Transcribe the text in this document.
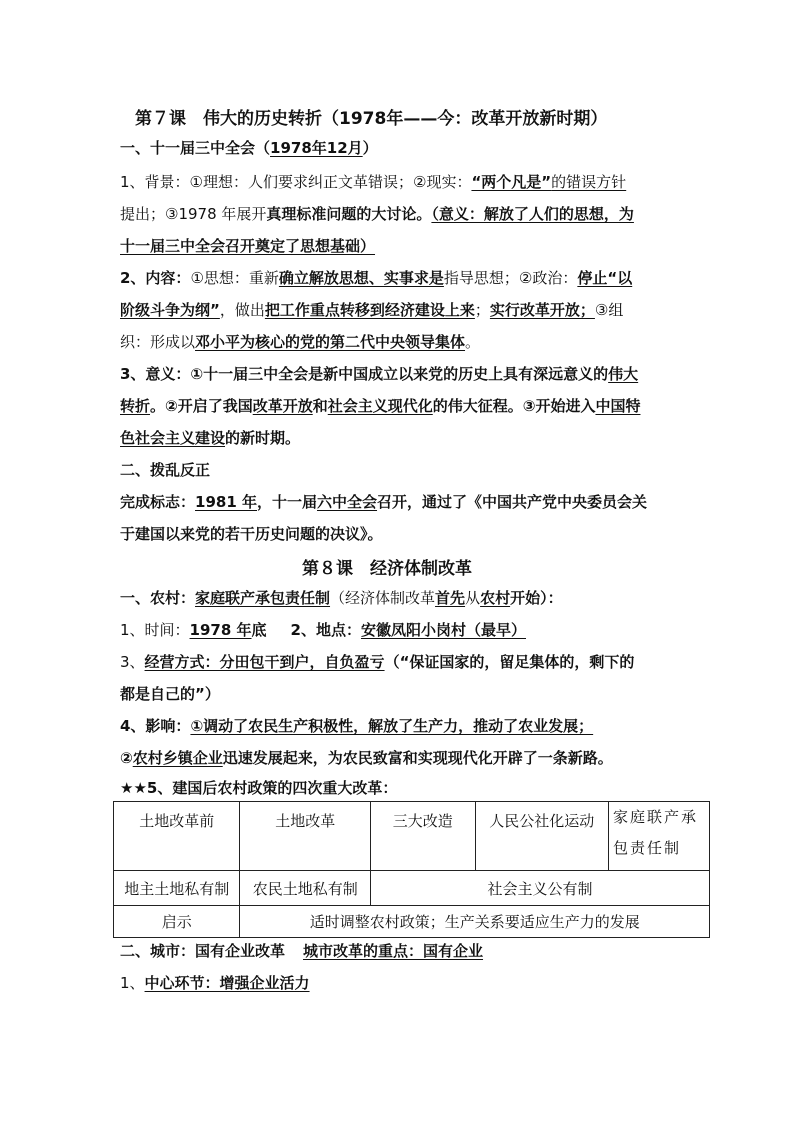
第７课　伟大的历史转折（1978年——今：改革开放新时期）
一、十一届三中全会（1978年12月）
1、背景：①理想：人们要求纠正文革错误；②现实：“两个凡是”的错误方针
提出；③1978 年展开真理标准问题的大讨论。（意义：解放了人们的思想，为
十一届三中全会召开奠定了思想基础）
2、内容：①思想：重新确立解放思想、实事求是指导思想；②政治：停止“以
阶级斗争为纲”，做出把工作重点转移到经济建设上来；实行改革开放；③组
织：形成以邓小平为核心的党的第二代中央领导集体。
3、意义：①十一届三中全会是新中国成立以来党的历史上具有深远意义的伟大
转折。②开启了我国改革开放和社会主义现代化的伟大征程。③开始进入中国特
色社会主义建设的新时期。
二、拨乱反正
完成标志：1981 年，十一届六中全会召开，通过了《中国共产党中央委员会关
于建国以来党的若干历史问题的决议》。
第８课　经济体制改革
一、农村：家庭联产承包责任制（经济体制改革首先从农村开始）：
1、时间：1978 年底 2、地点：安徽凤阳小岗村（最早）
3、经营方式：分田包干到户，自负盈亏（“保证国家的，留足集体的，剩下的
都是自己的”）
4、影响：①调动了农民生产积极性，解放了生产力，推动了农业发展；
②农村乡镇企业迅速发展起来，为农民致富和实现现代化开辟了一条新路。
★★5、建国后农村政策的四次重大改革：
土地改革前	土地改革	三大改造	人民公社化运动	家庭联产承包责任制
地主土地私有制	农民土地私有制	社会主义公有制		
启示	适时调整农村政策；生产关系要适应生产力的发展			
二、城市：国有企业改革 城市改革的重点：国有企业
1、中心环节：增强企业活力
